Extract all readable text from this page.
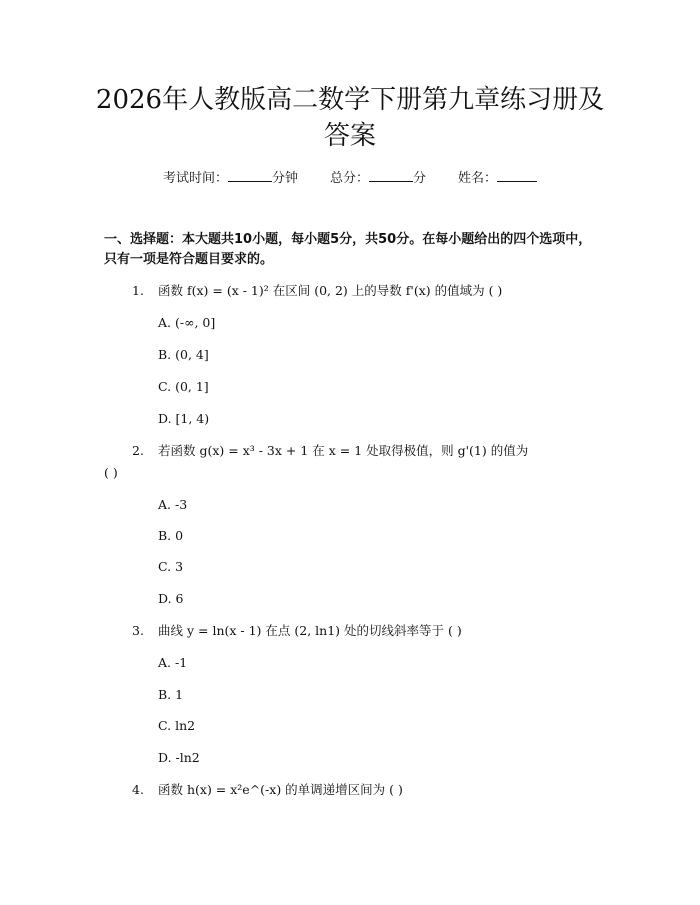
2026年人教版高二数学下册第九章练习册及答案
考试时间：	分钟 总分：	分 姓名：
一、选择题：本大题共10小题，每小题5分，共50分。在每小题给出的四个选项中，只有一项是符合题目要求的。
1. 函数 f(x) = (x - 1)² 在区间 (0, 2) 上的导数 f'(x) 的值域为 ( )
A. (-∞, 0]
B. (0, 4]
C. (0, 1]
D. [1, 4)
2. 若函数 g(x) = x³ - 3x + 1 在 x = 1 处取得极值，则 g'(1) 的值为
( )
A. -3
B. 0
C. 3
D. 6
3. 曲线 y = ln(x - 1) 在点 (2, ln1) 处的切线斜率等于 ( )
A. -1
B. 1
C. ln2
D. -ln2
4. 函数 h(x) = x²e^(-x) 的单调递增区间为 ( )
